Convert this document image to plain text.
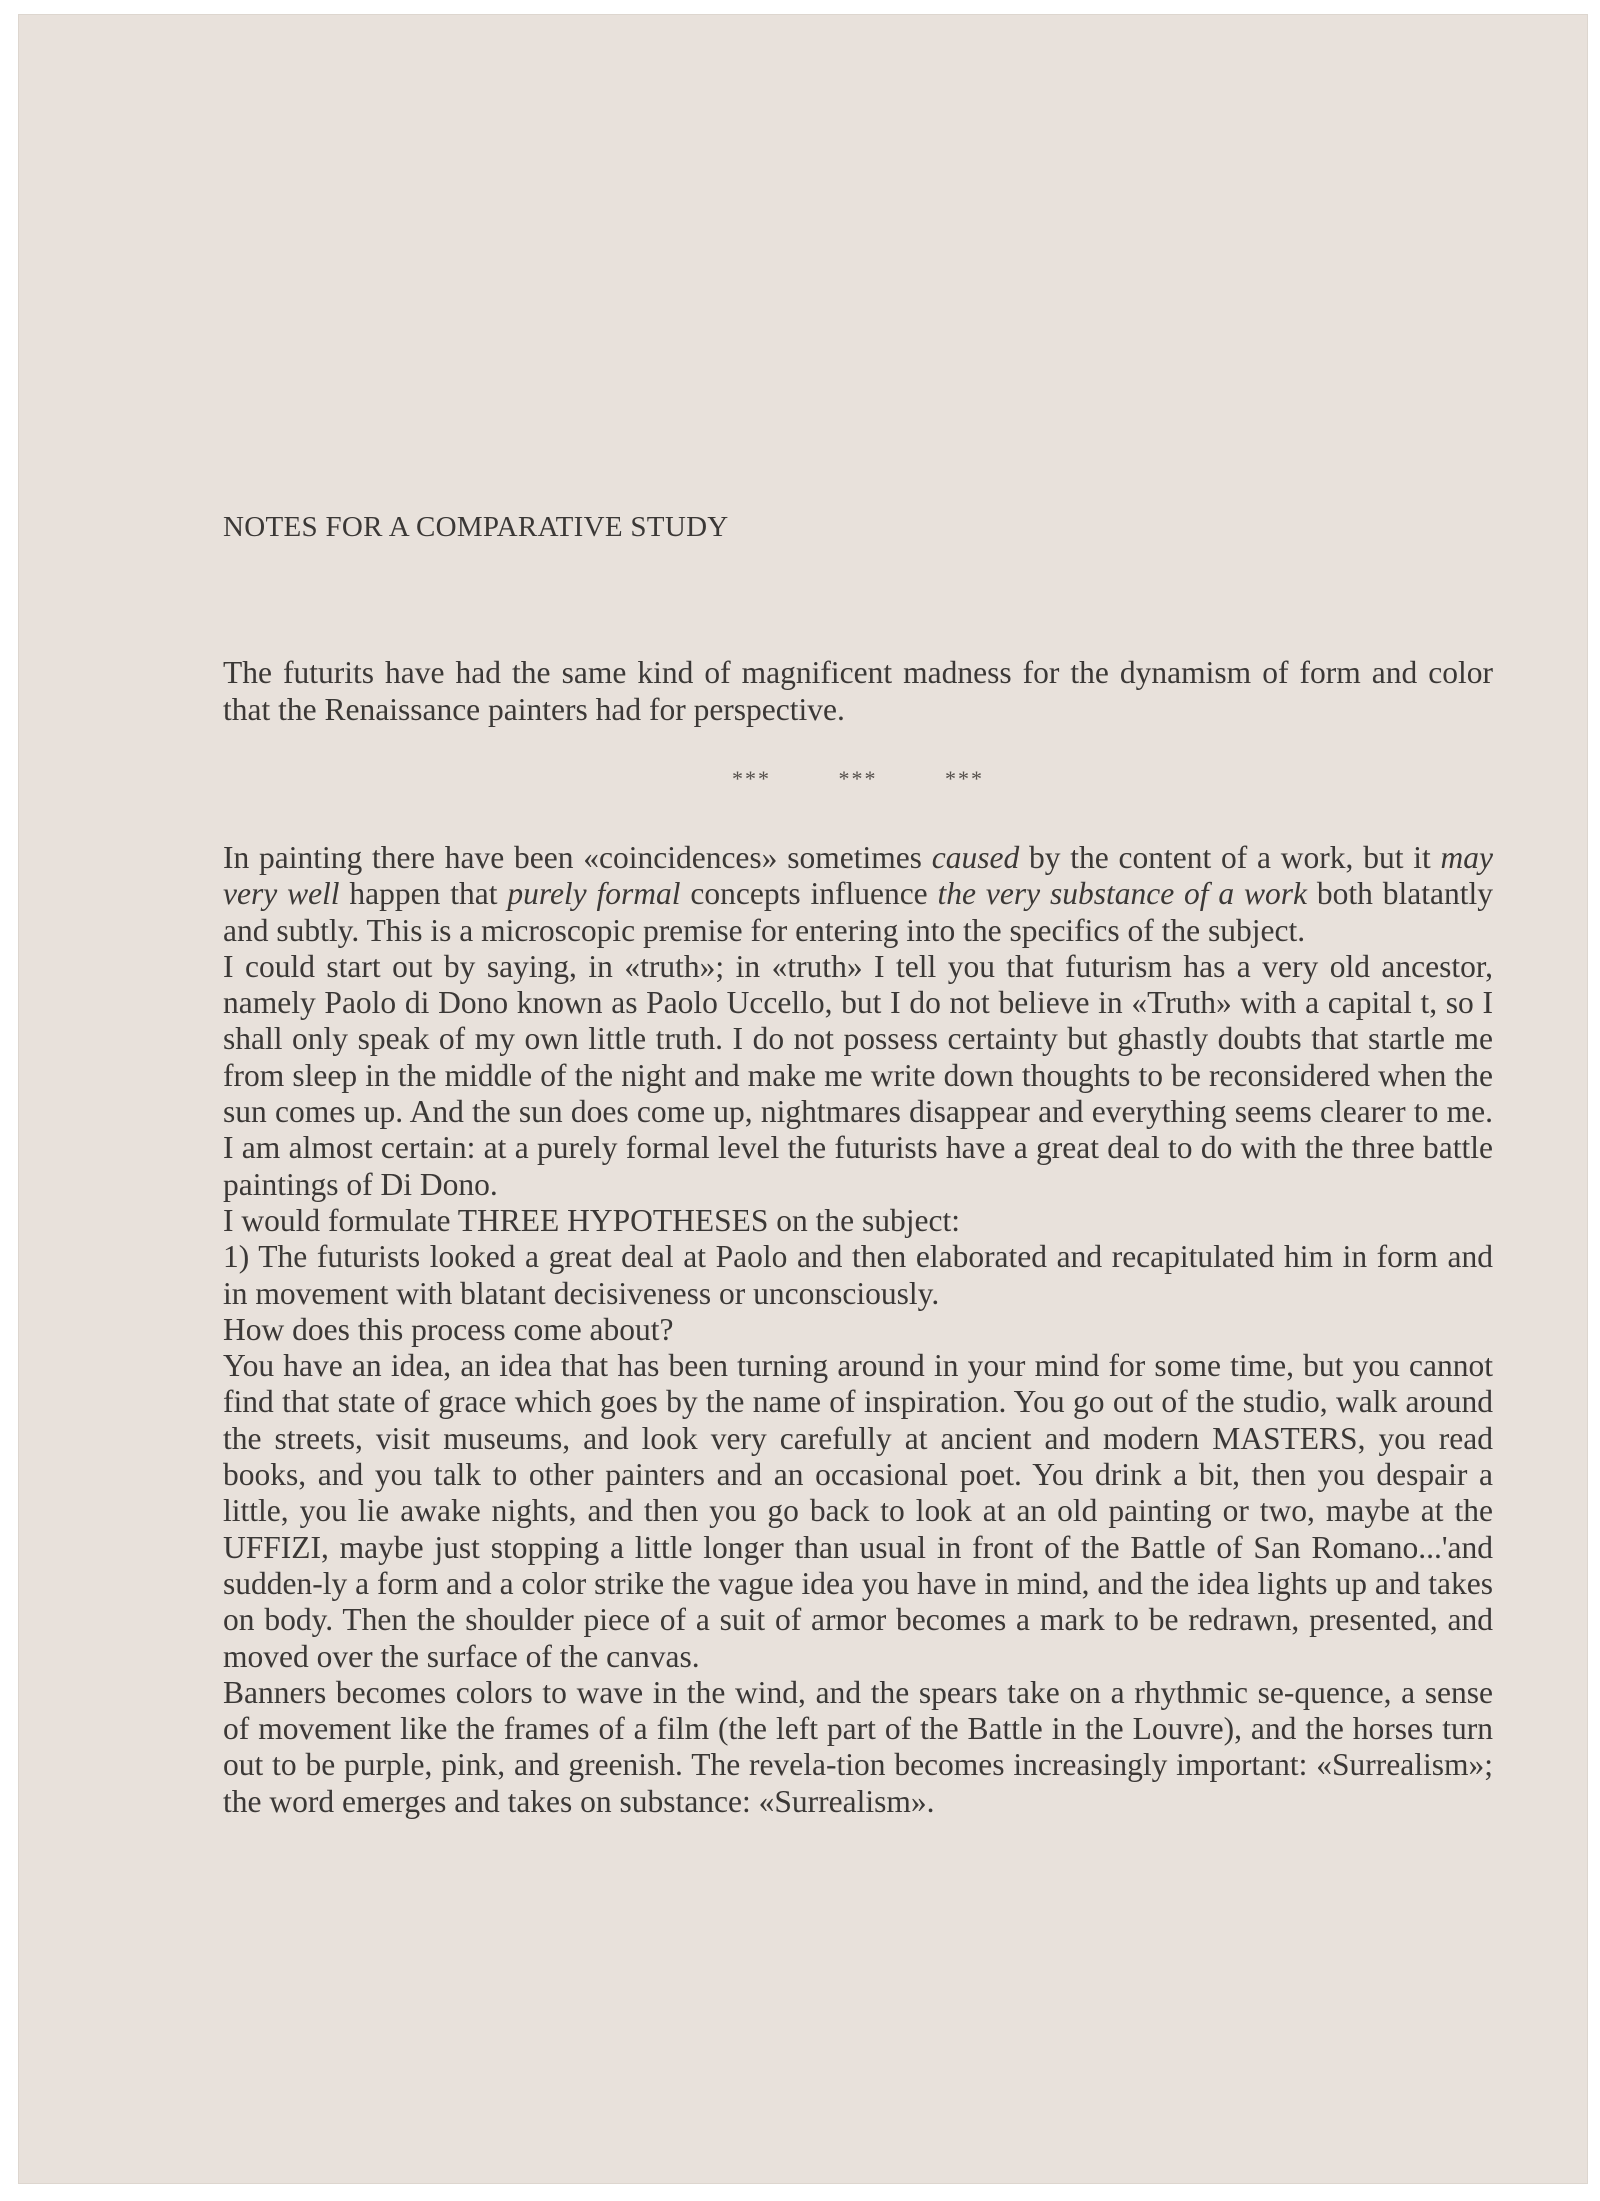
NOTES FOR A COMPARATIVE STUDY

The futurits have had the same kind of magnificent madness for the dynamism of form and color that the Renaissance painters had for perspective.

***	***	***

In painting there have been «coincidences» sometimes caused by the content of a work, but it may very well happen that purely formal concepts influence the very substance of a work both blatantly and subtly. This is a microscopic premise for entering into the specifics of the subject.

I could start out by saying, in «truth»; in «truth» I tell you that futurism has a very old ancestor, namely Paolo di Dono known as Paolo Uccello, but I do not believe in «Truth» with a capital t, so I shall only speak of my own little truth. I do not possess certainty but ghastly doubts that startle me from sleep in the middle of the night and make me write down thoughts to be reconsidered when the sun comes up. And the sun does come up, nightmares disappear and everything seems clearer to me. I am almost certain: at a purely formal level the futurists have a great deal to do with the three battle paintings of Di Dono.

I would formulate THREE HYPOTHESES on the subject:

1) The futurists looked a great deal at Paolo and then elaborated and recapitulated him in form and in movement with blatant decisiveness or unconsciously.

How does this process come about?

You have an idea, an idea that has been turning around in your mind for some time, but you cannot find that state of grace which goes by the name of inspiration. You go out of the studio, walk around the streets, visit museums, and look very carefully at ancient and modern MASTERS, you read books, and you talk to other painters and an occasional poet. You drink a bit, then you despair a little, you lie awake nights, and then you go back to look at an old painting or two, maybe at the UFFIZI, maybe just stopping a little longer than usual in front of the Battle of San Romano...'and sudden-ly a form and a color strike the vague idea you have in mind, and the idea lights up and takes on body. Then the shoulder piece of a suit of armor becomes a mark to be redrawn, presented, and moved over the surface of the canvas.

Banners becomes colors to wave in the wind, and the spears take on a rhythmic se-quence, a sense of movement like the frames of a film (the left part of the Battle in the Louvre), and the horses turn out to be purple, pink, and greenish. The revela-tion becomes increasingly important: «Surrealism»; the word emerges and takes on substance: «Surrealism».
